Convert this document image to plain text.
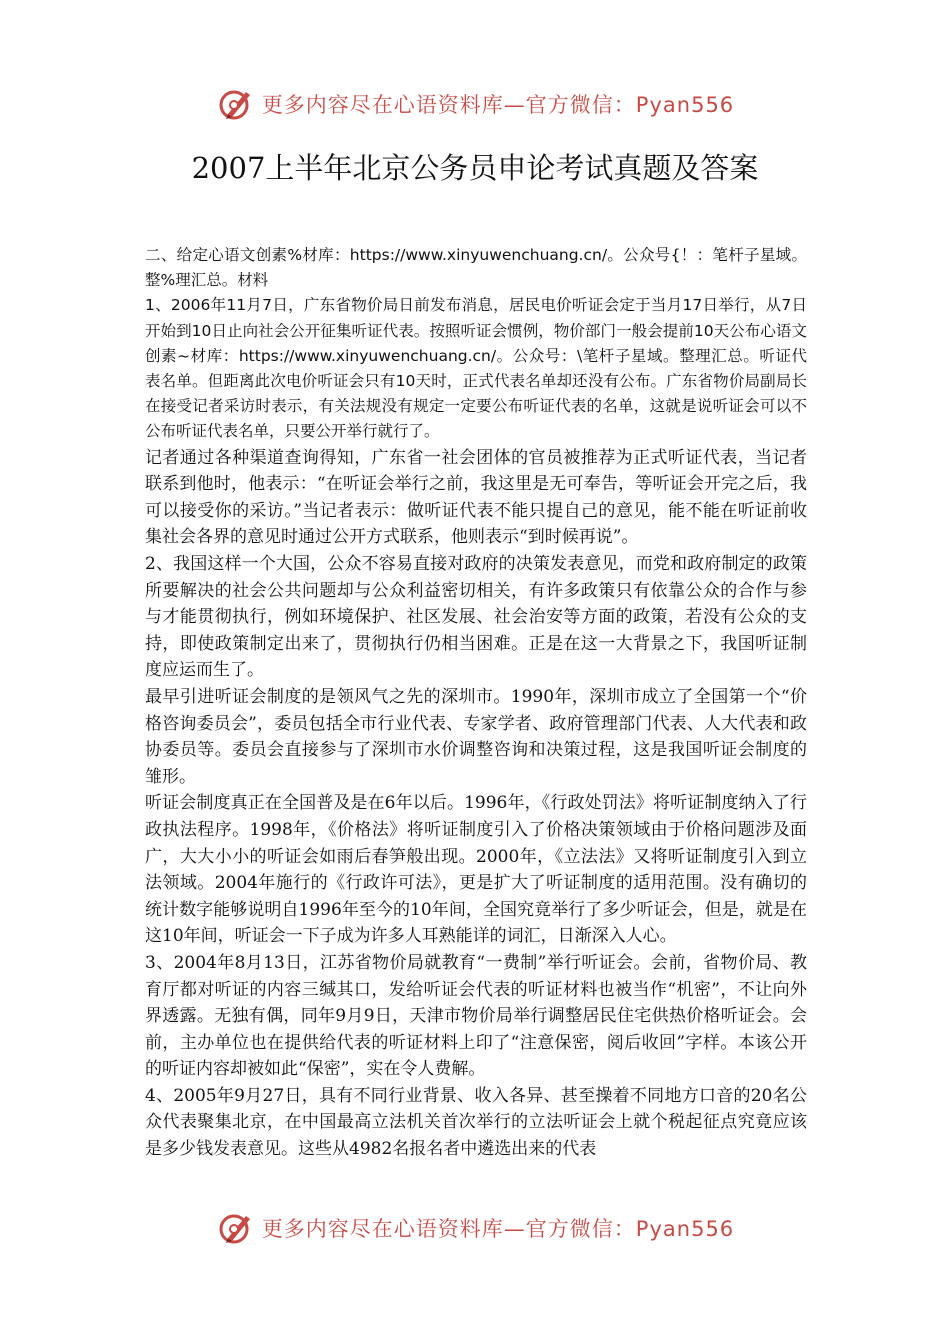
更多内容尽在心语资料库—官方微信：Pyan556
2007上半年北京公务员申论考试真题及答案

二、给定心语文创素%材库：https://www.xinyuwenchuang.cn/。公众号{！：笔杆子星域。整%理汇总。材料

1、2006年11月7日，广东省物价局日前发布消息，居民电价听证会定于当月17日举行，从7日开始到10日止向社会公开征集听证代表。按照听证会惯例，物价部门一般会提前10天公布心语文创素~材库：https://www.xinyuwenchuang.cn/。公众号：\笔杆子星域。整理汇总。听证代表名单。但距离此次电价听证会只有10天时，正式代表名单却还没有公布。广东省物价局副局长在接受记者采访时表示，有关法规没有规定一定要公布听证代表的名单，这就是说听证会可以不公布听证代表名单，只要公开举行就行了。

记者通过各种渠道查询得知，广东省一社会团体的官员被推荐为正式听证代表，当记者联系到他时，他表示：“在听证会举行之前，我这里是无可奉告，等听证会开完之后，我可以接受你的采访。”当记者表示：做听证代表不能只提自己的意见，能不能在听证前收集社会各界的意见时通过公开方式联系，他则表示“到时候再说”。

2、我国这样一个大国，公众不容易直接对政府的决策发表意见，而党和政府制定的政策所要解决的社会公共问题却与公众利益密切相关，有许多政策只有依靠公众的合作与参与才能贯彻执行，例如环境保护、社区发展、社会治安等方面的政策，若没有公众的支持，即使政策制定出来了，贯彻执行仍相当困难。正是在这一大背景之下，我国听证制度应运而生了。

最早引进听证会制度的是领风气之先的深圳市。1990年，深圳市成立了全国第一个“价格咨询委员会”，委员包括全市行业代表、专家学者、政府管理部门代表、人大代表和政协委员等。委员会直接参与了深圳市水价调整咨询和决策过程，这是我国听证会制度的雏形。

听证会制度真正在全国普及是在6年以后。1996年，《行政处罚法》将听证制度纳入了行政执法程序。1998年，《价格法》将听证制度引入了价格决策领域由于价格问题涉及面广，大大小小的听证会如雨后春笋般出现。2000年，《立法法》又将听证制度引入到立法领域。2004年施行的《行政许可法》，更是扩大了听证制度的适用范围。没有确切的统计数字能够说明自1996年至今的10年间，全国究竟举行了多少听证会，但是，就是在这10年间，听证会一下子成为许多人耳熟能详的词汇，日渐深入人心。

3、2004年8月13日，江苏省物价局就教育“一费制”举行听证会。会前，省物价局、教育厅都对听证的内容三缄其口，发给听证会代表的听证材料也被当作“机密”，不让向外界透露。无独有偶，同年9月9日，天津市物价局举行调整居民住宅供热价格听证会。会前，主办单位也在提供给代表的听证材料上印了“注意保密，阅后收回”字样。本该公开的听证内容却被如此“保密”，实在令人费解。

4、2005年9月27日，具有不同行业背景、收入各异、甚至操着不同地方口音的20名公众代表聚集北京，在中国最高立法机关首次举行的立法听证会上就个税起征点究竟应该是多少钱发表意见。这些从4982名报名者中遴选出来的代表

更多内容尽在心语资料库—官方微信：Pyan556
